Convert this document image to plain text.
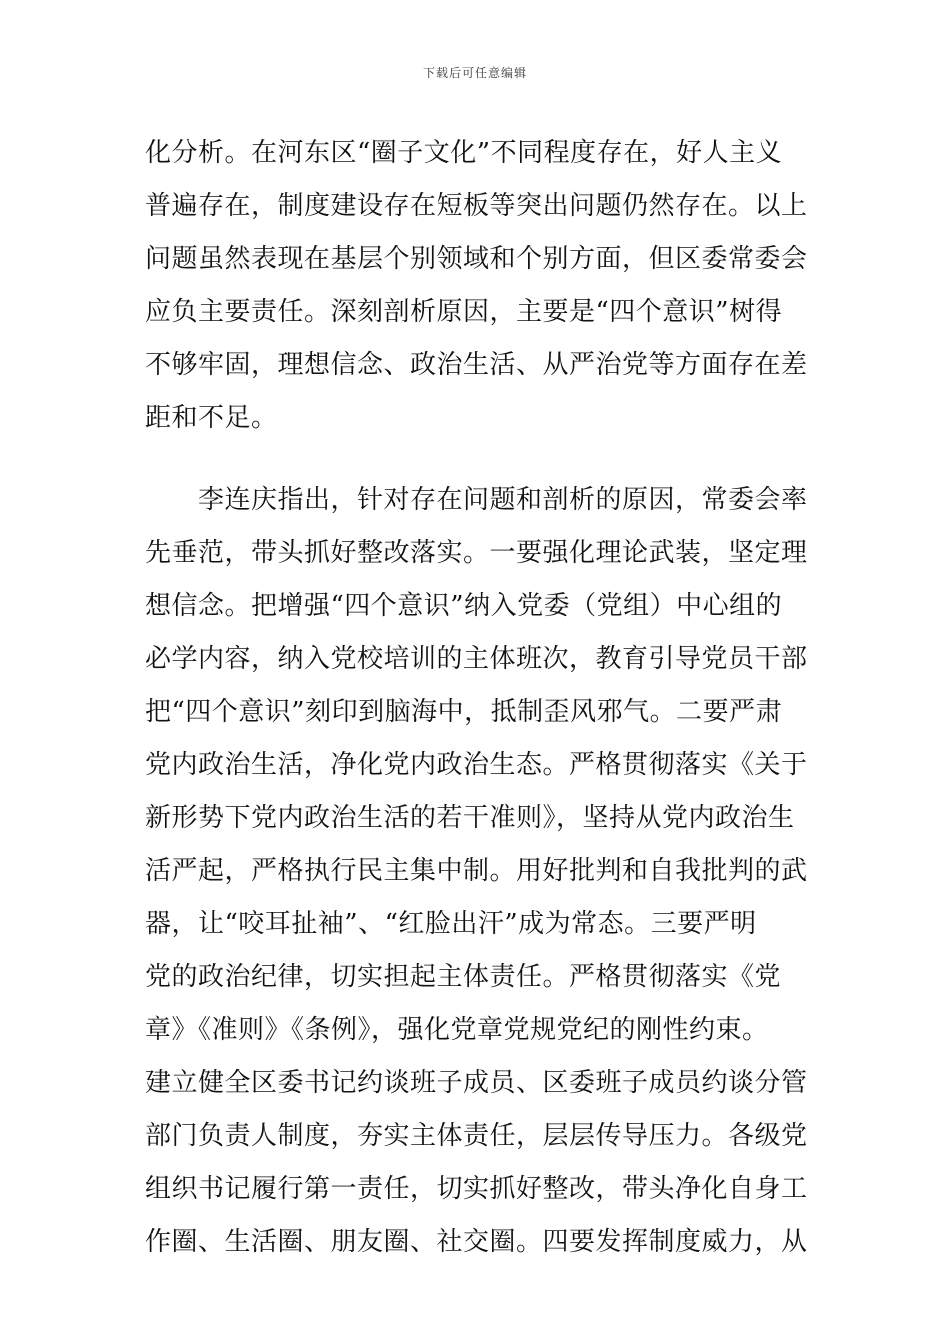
下载后可任意编辑
化分析。在河东区“圈子文化”不同程度存在，好人主义
普遍存在，制度建设存在短板等突出问题仍然存在。以上
问题虽然表现在基层个别领域和个别方面，但区委常委会
应负主要责任。深刻剖析原因，主要是“四个意识”树得
不够牢固，理想信念、政治生活、从严治党等方面存在差
距和不足。
　　李连庆指出，针对存在问题和剖析的原因，常委会率
先垂范，带头抓好整改落实。一要强化理论武装，坚定理
想信念。把增强“四个意识”纳入党委（党组）中心组的
必学内容，纳入党校培训的主体班次，教育引导党员干部
把“四个意识”刻印到脑海中，抵制歪风邪气。二要严肃
党内政治生活，净化党内政治生态。严格贯彻落实《关于
新形势下党内政治生活的若干准则》，坚持从党内政治生
活严起，严格执行民主集中制。用好批判和自我批判的武
器，让“咬耳扯袖”、“红脸出汗”成为常态。三要严明
党的政治纪律，切实担起主体责任。严格贯彻落实《党
章》《准则》《条例》，强化党章党规党纪的刚性约束。
建立健全区委书记约谈班子成员、区委班子成员约谈分管
部门负责人制度，夯实主体责任，层层传导压力。各级党
组织书记履行第一责任，切实抓好整改，带头净化自身工
作圈、生活圈、朋友圈、社交圈。四要发挥制度威力，从
